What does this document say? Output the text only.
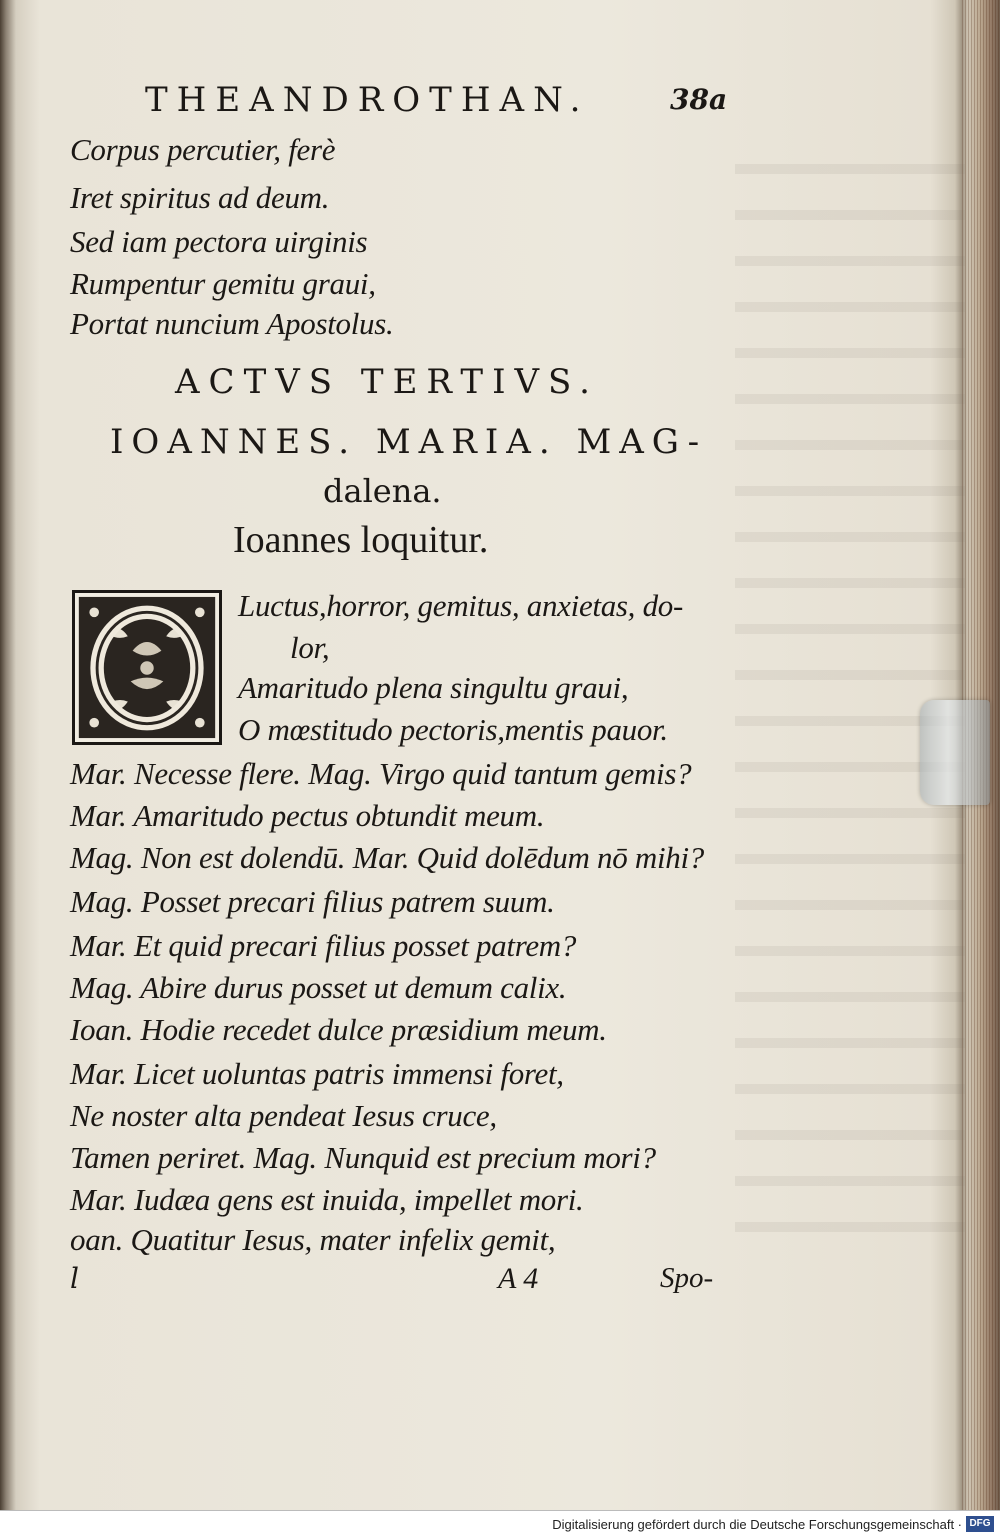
THEANDROTHAN.	38a
Corpus percutier, ferè
Iret spiritus ad deum.
Sed iam pectora uirginis
Rumpentur gemitu graui,
Portat nuncium Apostolus.
ACTVS TERTIVS.
IOANNES. MARIA. MAG-
dalena.
Ioannes loquitur.
Luctus,horror, gemitus, anxietas, do-
lor,
Amaritudo plena singultu graui,
O mœstitudo pectoris,mentis pauor.
Mar. Necesse flere. Mag. Virgo quid tantum gemis?
Mar. Amaritudo pectus obtundit meum.
Mag. Non est dolendū. Mar. Quid dolēdum nō mihi?
Mag. Posset precari filius patrem suum.
Mar. Et quid precari filius posset patrem?
Mag. Abire durus posset ut demum calix.
Ioan. Hodie recedet dulce præsidium meum.
Mar. Licet uoluntas patris immensi foret,
Ne noster alta pendeat Iesus cruce,
Tamen periret. Mag. Nunquid est precium mori?
Mar. Iudæa gens est inuida, impellet mori.
oan. Quatitur Iesus, mater infelix gemit,
l	A 4	Spo-
Digitalisierung gefördert durch die Deutsche Forschungsgemeinschaft · DFG
